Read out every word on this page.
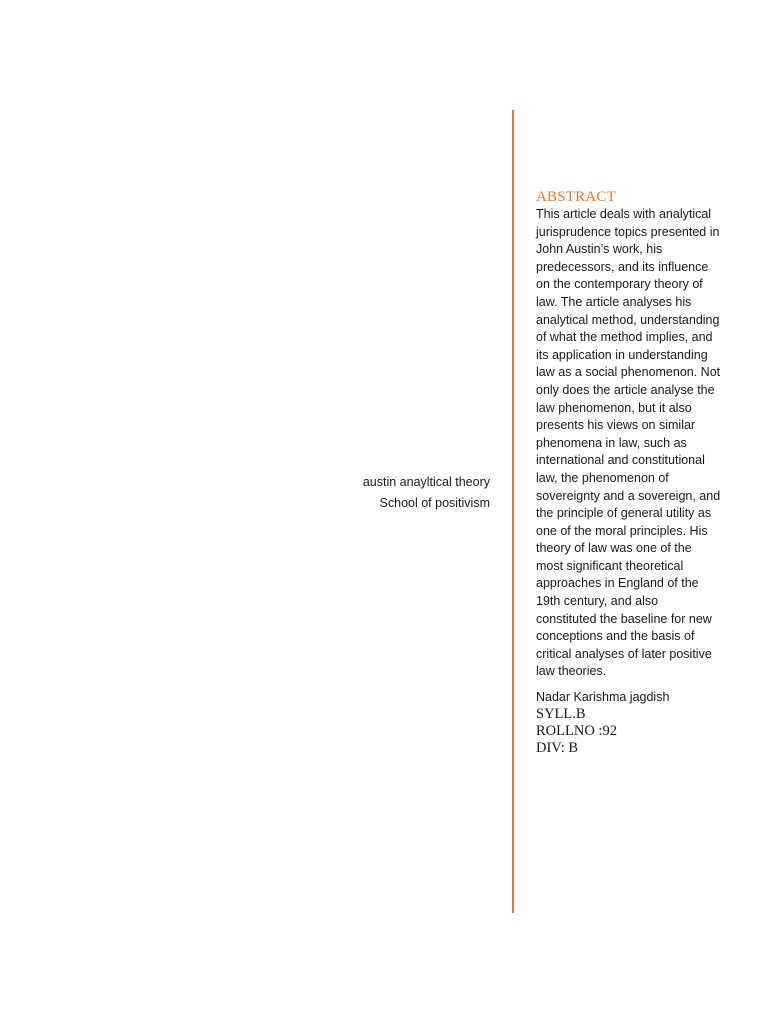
austin anayltical theory
School of positivism
ABSTRACT
This article deals with analytical
jurisprudence topics presented in
John Austin’s work, his
predecessors, and its influence
on the contemporary theory of
law. The article analyses his
analytical method, understanding
of what the method implies, and
its application in understanding
law as a social phenomenon. Not
only does the article analyse the
law phenomenon, but it also
presents his views on similar
phenomena in law, such as
international and constitutional
law, the phenomenon of
sovereignty and a sovereign, and
the principle of general utility as
one of the moral principles. His
theory of law was one of the
most significant theoretical
approaches in England of the
19th century, and also
constituted the baseline for new
conceptions and the basis of
critical analyses of later positive
law theories.
Nadar Karishma jagdish
SYLL.B
ROLLNO :92
DIV: B
